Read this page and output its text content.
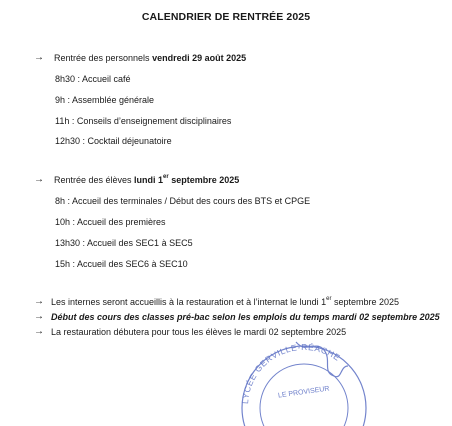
CALENDRIER DE RENTRÉE 2025
→ Rentrée des personnels vendredi 29 août 2025
8h30 : Accueil café
9h : Assemblée générale
11h : Conseils d’enseignement disciplinaires
12h30 : Cocktail déjeunatoire
→ Rentrée des élèves lundi 1er septembre 2025
8h : Accueil des terminales / Début des cours des BTS et CPGE
10h : Accueil des premières
13h30 : Accueil des SEC1 à SEC5
15h : Accueil des SEC6 à SEC10
→ Les internes seront accueillis à la restauration et à l’internat le lundi 1er septembre 2025
→ Début des cours des classes pré-bac selon les emplois du temps mardi 02 septembre 2025
→ La restauration débutera pour tous les élèves le mardi 02 septembre 2025
LYCÉE GERVILLE-RÉACHE
LE PROVISEUR
